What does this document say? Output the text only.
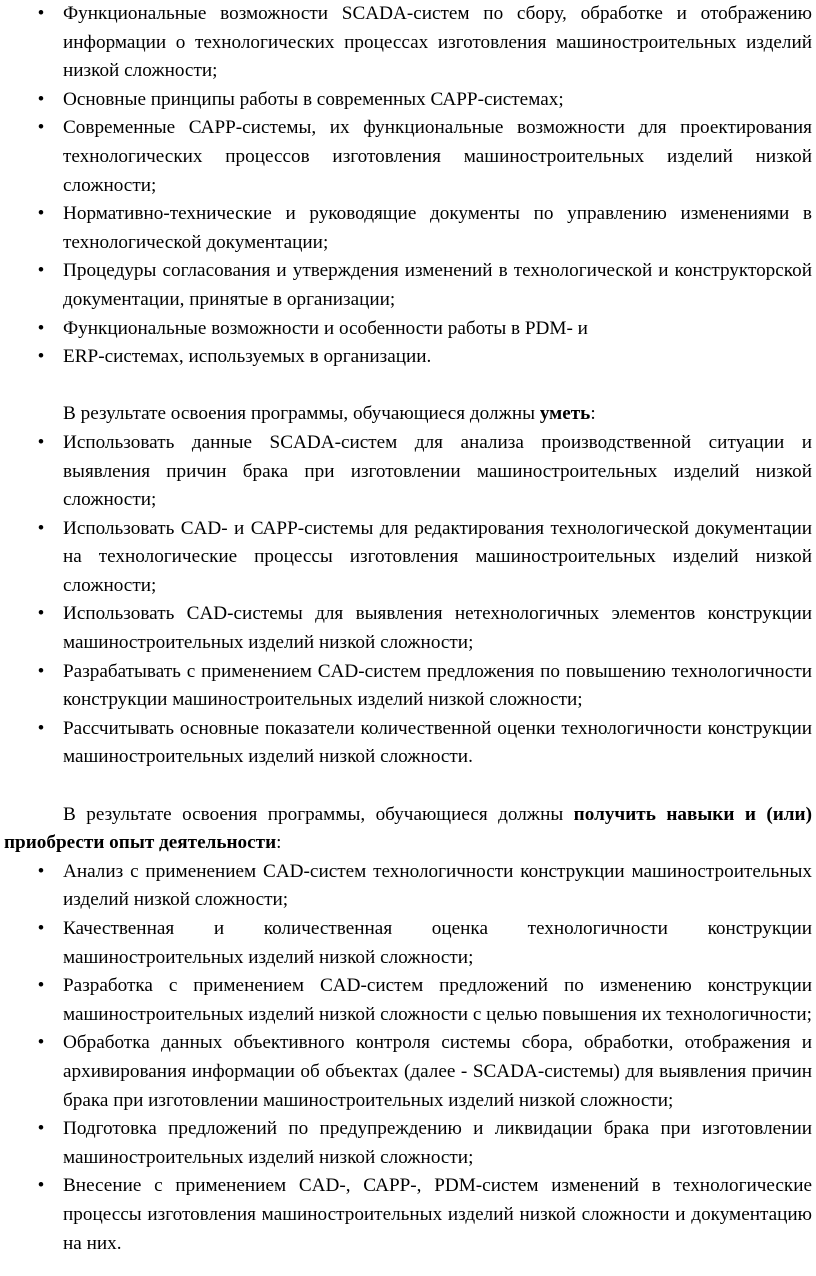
• Функциональные возможности SCADA-систем по сбору, обработке и отображению информации о технологических процессах изготовления машиностроительных изделий низкой сложности;
• Основные принципы работы в современных САРР-системах;
• Современные САРР-системы, их функциональные возможности для проектирования технологических процессов изготовления машиностроительных изделий низкой сложности;
• Нормативно-технические и руководящие документы по управлению изменениями в технологической документации;
• Процедуры согласования и утверждения изменений в технологической и конструкторской документации, принятые в организации;
• Функциональные возможности и особенности работы в PDM- и
• ERP-системах, используемых в организации.

В результате освоения программы, обучающиеся должны уметь:

• Использовать данные SCADA-систем для анализа производственной ситуации и выявления причин брака при изготовлении машиностроительных изделий низкой сложности;
• Использовать CAD- и САРР-системы для редактирования технологической документации на технологические процессы изготовления машиностроительных изделий низкой сложности;
• Использовать CAD-системы для выявления нетехнологичных элементов конструкции машиностроительных изделий низкой сложности;
• Разрабатывать с применением CAD-систем предложения по повышению технологичности конструкции машиностроительных изделий низкой сложности;
• Рассчитывать основные показатели количественной оценки технологичности конструкции машиностроительных изделий низкой сложности.

В результате освоения программы, обучающиеся должны получить навыки и (или) приобрести опыт деятельности:

• Анализ с применением CAD-систем технологичности конструкции машиностроительных изделий низкой сложности;
• Качественная и количественная оценка технологичности конструкции машиностроительных изделий низкой сложности;
• Разработка с применением CAD-систем предложений по изменению конструкции машиностроительных изделий низкой сложности с целью повышения их технологичности;
• Обработка данных объективного контроля системы сбора, обработки, отображения и архивирования информации об объектах (далее - SCADA-системы) для выявления причин брака при изготовлении машиностроительных изделий низкой сложности;
• Подготовка предложений по предупреждению и ликвидации брака при изготовлении машиностроительных изделий низкой сложности;
• Внесение с применением CAD-, САРР-, PDM-систем изменений в технологические процессы изготовления машиностроительных изделий низкой сложности и документацию на них.
